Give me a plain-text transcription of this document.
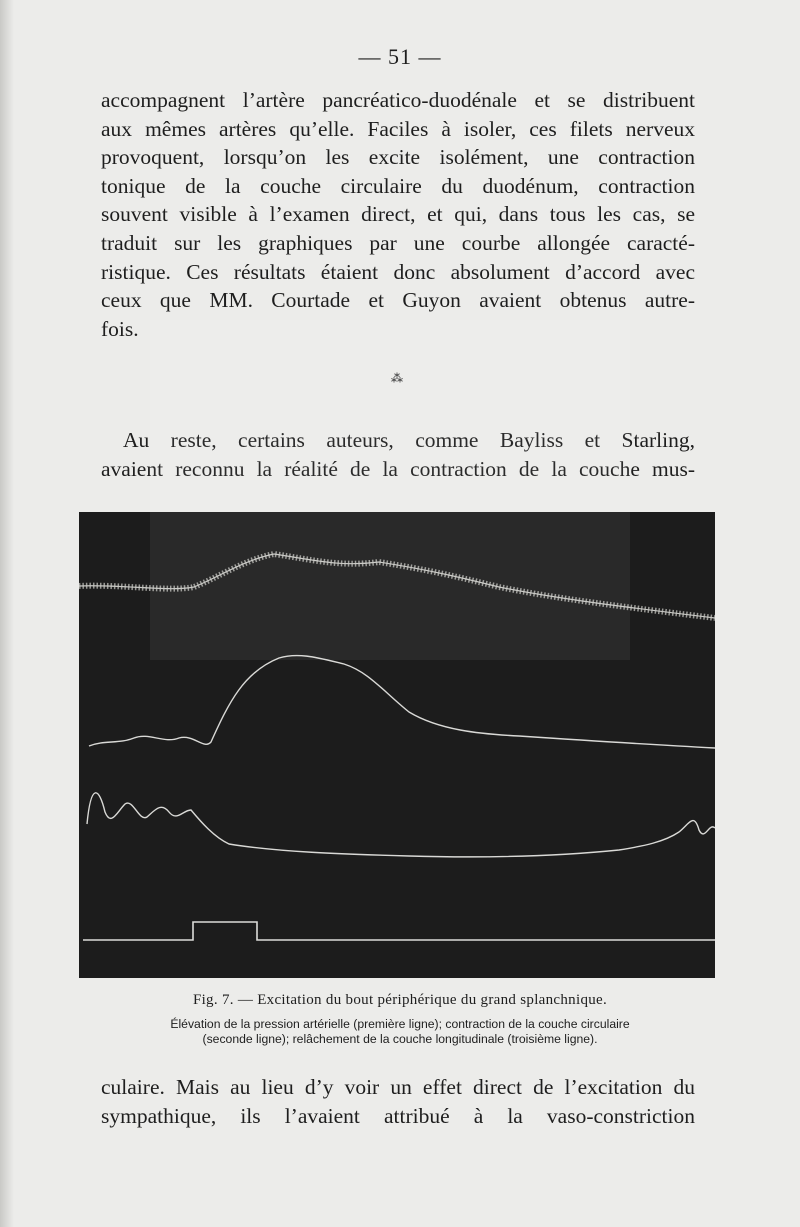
— 51 —
accompagnent l’artère pancréatico-duodénale et se distribuent
aux mêmes artères qu’elle. Faciles à isoler, ces filets nerveux
provoquent, lorsqu’on les excite isolément, une contraction
tonique de la couche circulaire du duodénum, contraction
souvent visible à l’examen direct, et qui, dans tous les cas, se
traduit sur les graphiques par une courbe allongée caracté-
ristique. Ces résultats étaient donc absolument d’accord avec
ceux que MM. Courtade et Guyon avaient obtenus autre-
fois.
⁂
Au reste, certains auteurs, comme Bayliss et Starling,
avaient reconnu la réalité de la contraction de la couche mus-
Fig. 7. — Excitation du bout périphérique du grand splanchnique.
Élévation de la pression artérielle (première ligne); contraction de la couche circulaire
(seconde ligne); relâchement de la couche longitudinale (troisième ligne).
culaire. Mais au lieu d’y voir un effet direct de l’excitation du
sympathique, ils l’avaient attribué à la vaso-constriction
